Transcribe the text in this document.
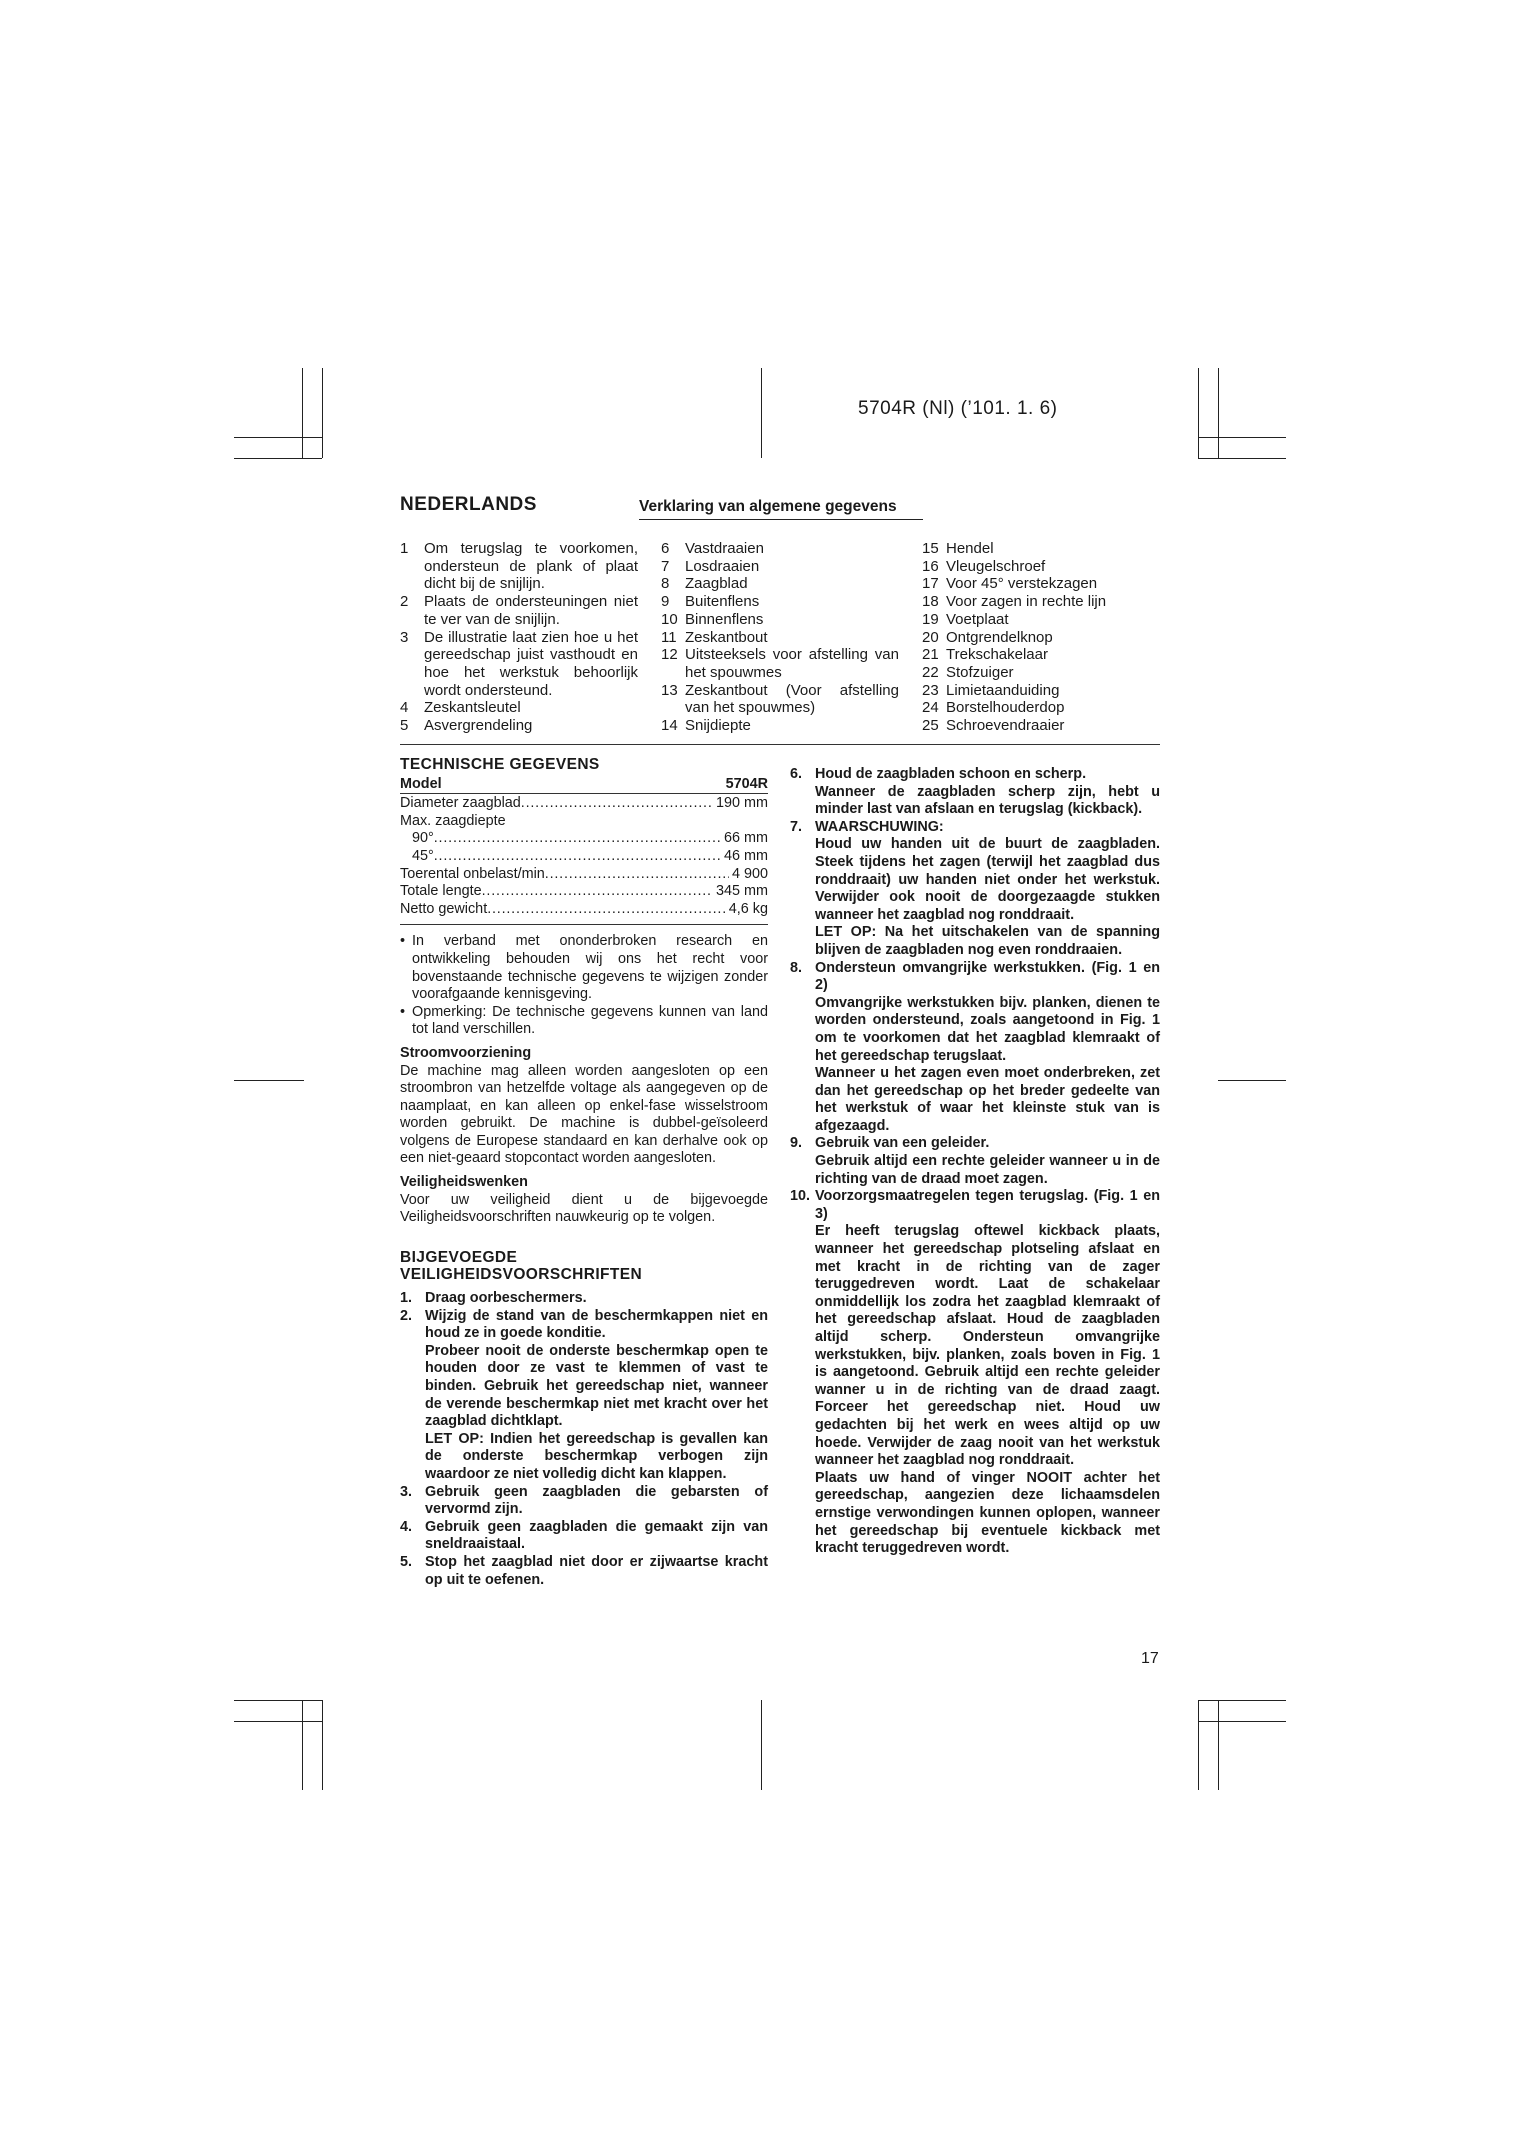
5704R (Nl) (’101. 1. 6)
NEDERLANDS	Verklaring van algemene gegevens
1	Om terugslag te voorkomen, ondersteun de plank of plaat dicht bij de snijlijn.
2	Plaats de ondersteuningen niet te ver van de snijlijn.
3	De illustratie laat zien hoe u het gereedschap juist vasthoudt en hoe het werkstuk behoorlijk wordt ondersteund.
4	Zeskantsleutel
5	Asvergrendeling
6	Vastdraaien
7	Losdraaien
8	Zaagblad
9	Buitenflens
10 Binnenflens
11 Zeskantbout
12 Uitsteeksels voor afstelling van het spouwmes
13 Zeskantbout (Voor afstelling van het spouwmes)
14 Snijdiepte
15 Hendel
16 Vleugelschroef
17 Voor 45° verstekzagen
18 Voor zagen in rechte lijn
19 Voetplaat
20 Ontgrendelknop
21 Trekschakelaar
22 Stofzuiger
23 Limietaanduiding
24 Borstelhouderdop
25 Schroevendraaier

TECHNISCHE GEGEVENS

Model	5704R
Diameter zaagblad . . .	190 mm
Max. zaagdiepte
90° . . .	66 mm
45° . . .	46 mm
Toerental onbelast/min . . .	4 900
Totale lengte . . .	345 mm
Netto gewicht . . .	4,6 kg
• In verband met ononderbroken research en ontwikkeling behouden wij ons het recht voor bovenstaande technische gegevens te wijzigen zonder voorafgaande kennisgeving.
• Opmerking: De technische gegevens kunnen van land tot land verschillen.

Stroomvoorziening

De machine mag alleen worden aangesloten op een stroombron van hetzelfde voltage als aangegeven op de naamplaat, en kan alleen op enkel-fase wisselstroom worden gebruikt. De machine is dubbel-geïsoleerd volgens de Europese standaard en kan derhalve ook op een niet-geaard stopcontact worden aangesloten.

Veiligheidswenken

Voor uw veiligheid dient u de bijgevoegde Veiligheidsvoorschriften nauwkeurig op te volgen.

BIJGEVOEGDE

VEILIGHEIDSVOORSCHRIFTEN

1. Draag oorbeschermers.

2. Wijzig de stand van de beschermkappen niet en houd ze in goede konditie.

Probeer nooit de onderste beschermkap open te houden door ze vast te klemmen of vast te binden. Gebruik het gereedschap niet, wanneer de verende beschermkap niet met kracht over het zaagblad dichtklapt.

LET OP: Indien het gereedschap is gevallen kan de onderste beschermkap verbogen zijn waardoor ze niet volledig dicht kan klappen.

3. Gebruik geen zaagbladen die gebarsten of vervormd zijn.

4. Gebruik geen zaagbladen die gemaakt zijn van sneldraaistaal.

5. Stop het zaagblad niet door er zijwaartse kracht op uit te oefenen.

6. Houd de zaagbladen schoon en scherp.

Wanneer de zaagbladen scherp zijn, hebt u minder last van afslaan en terugslag (kickback).

7. WAARSCHUWING:

Houd uw handen uit de buurt de zaagbladen. Steek tijdens het zagen (terwijl het zaagblad dus ronddraait) uw handen niet onder het werkstuk. Verwijder ook nooit de doorgezaagde stukken wanneer het zaagblad nog ronddraait.

LET OP: Na het uitschakelen van de spanning blijven de zaagbladen nog even ronddraaien.

8. Ondersteun omvangrijke werkstukken. (Fig. 1 en 2)

Omvangrijke werkstukken bijv. planken, dienen te worden ondersteund, zoals aangetoond in Fig. 1 om te voorkomen dat het zaagblad klemraakt of het gereedschap terugslaat.

Wanneer u het zagen even moet onderbreken, zet dan het gereedschap op het breder gedeelte van het werkstuk of waar het kleinste stuk van is afgezaagd.

9. Gebruik van een geleider.

Gebruik altijd een rechte geleider wanneer u in de richting van de draad moet zagen.

10. Voorzorgsmaatregelen tegen terugslag. (Fig. 1 en 3)

Er heeft terugslag oftewel kickback plaats, wanneer het gereedschap plotseling afslaat en met kracht in de richting van de zager teruggedreven wordt. Laat de schakelaar onmiddellijk los zodra het zaagblad klemraakt of het gereedschap afslaat. Houd de zaagbladen altijd scherp. Ondersteun omvangrijke werkstukken, bijv. planken, zoals boven in Fig. 1 is aangetoond. Gebruik altijd een rechte geleider wanner u in de richting van de draad zaagt. Forceer het gereedschap niet. Houd uw gedachten bij het werk en wees altijd op uw hoede. Verwijder de zaag nooit van het werkstuk wanneer het zaagblad nog ronddraait.

Plaats uw hand of vinger NOOIT achter het gereedschap, aangezien deze lichaamsdelen ernstige verwondingen kunnen oplopen, wanneer het gereedschap bij eventuele kickback met kracht teruggedreven wordt.

17
